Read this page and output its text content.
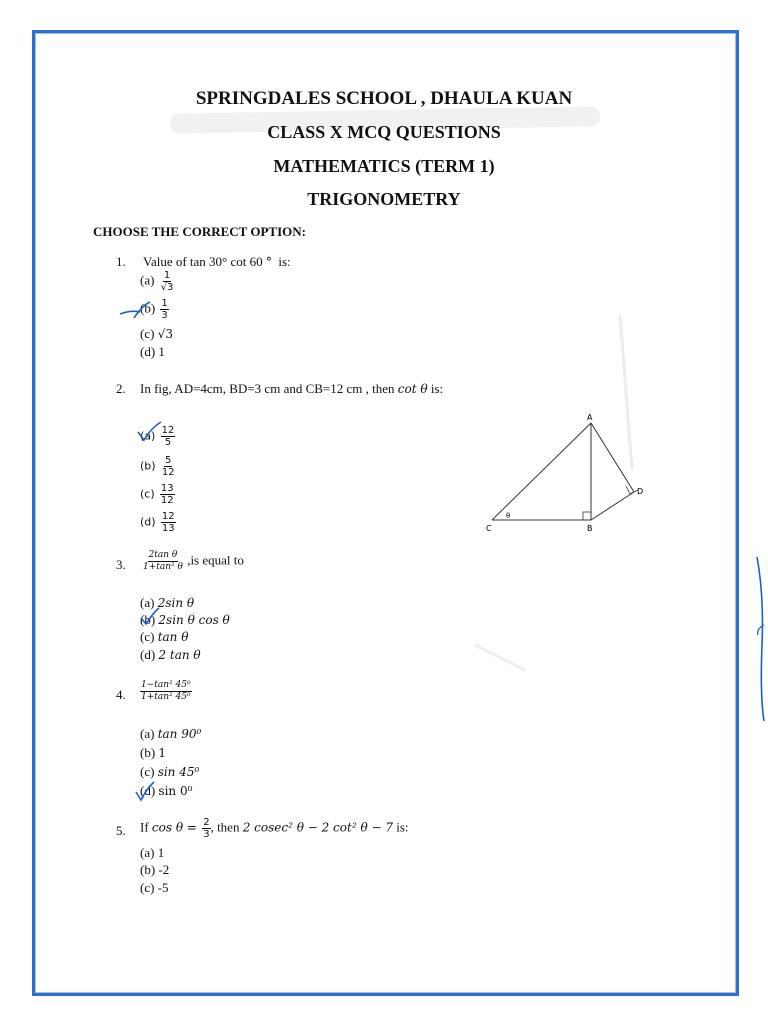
SPRINGDALES SCHOOL , DHAULA KUAN
CLASS X MCQ QUESTIONS
MATHEMATICS (TERM 1)
TRIGONOMETRY
CHOOSE THE CORRECT OPTION:
1. Value of tan 30° cot 60 ° is:
$(a) \frac{1}{√3}$
$(b) \frac{1}{3}$
(c) √3
(d) 1
2. In fig, AD=4cm, BD=3 cm and CB=12 cm , then cot θ is:
$(a) \frac{12}{5}$
$(b) \frac{5}{12}$
$(c) \frac{13}{12}$
$(d) \frac{12}{13}$
A
B
C
D
θ
3. $\frac{\text{2tan θ}}{\text{1+tan² θ}} ,is$ equal to
(a) 2sin θ
(b) 2sin θ cos θ
(c) tan θ
(d) 2 tan θ
4. $\frac{\text{1−tan² 45⁰}}{\text{1+tan² 45⁰}}$
(a) tan 90⁰
(b) 1
(c) sin 45⁰
(d) sin 0⁰
5. If $\cos \theta = \frac{2}{3}$ , then 2 cosec² θ − 2 cot² θ − 7 is:
(a) 1
(b) -2
(c) -5
